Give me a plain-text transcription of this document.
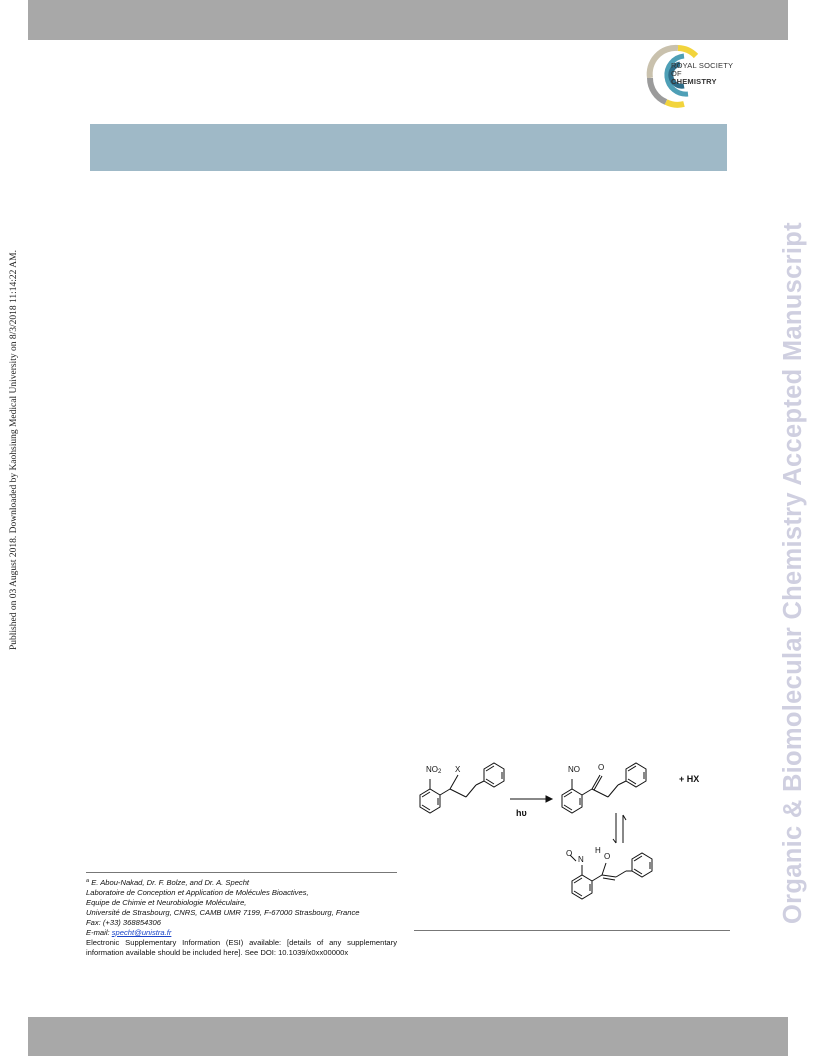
ROYAL SOCIETY
OF
CHEMISTRY
Published on 03 August 2018. Downloaded by Kaohsiung Medical University on 8/3/2018 11:14:22 AM.	Organic & Biomolecular Chemistry Accepted Manuscript
$^a$ E. Abou-Nakad, Dr. F. Bolze, and Dr. A. Specht
Laboratoire de Conception et Application de Molécules Bioactives,
Equipe de Chimie et Neurobiologie Moléculaire,
Université de Strasbourg, CNRS, CAMB UMR 7199, F-67000 Strasbourg, France
Fax: (+33) 368854306
E-mail: specht@unistra.fr
Electronic Supplementary Information (ESI) available: [details of any supplementary information available should be included here]. See DOI: 10.1039/x0xx00000x
$NO_2$ X
hυ
NO O
+ HX
O
N
H
O
